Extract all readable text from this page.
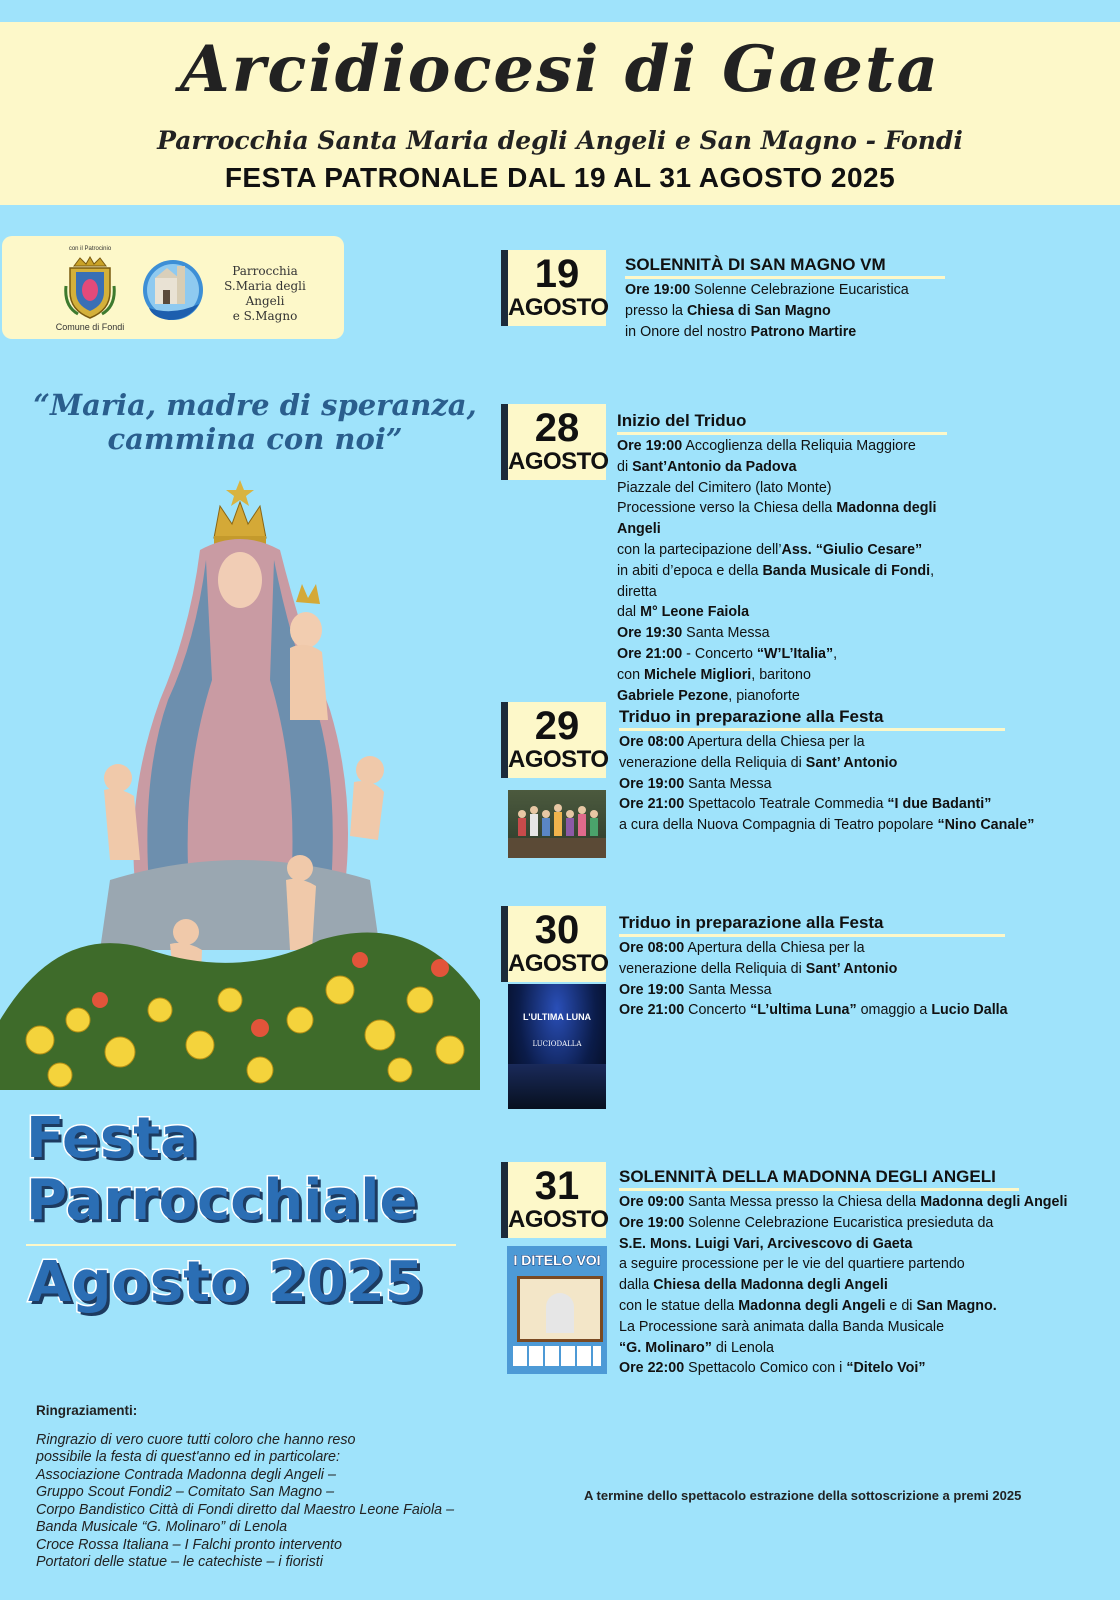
Arcidiocesi di Gaeta
Parrocchia Santa Maria degli Angeli e San Magno - Fondi
FESTA PATRONALE DAL 19 AL 31 AGOSTO 2025
con il Patrocinio
Comune di Fondi
Parrocchia
S.Maria degli Angeli
e S.Magno
“Maria, madre di speranza,
cammina con noi”
Festa
Parrocchiale
Agosto 2025
19
AGOSTO
28
AGOSTO
29
AGOSTO
30
AGOSTO
31
AGOSTO
SOLENNITÀ DI SAN MAGNO VM
Ore 19:00 Solenne Celebrazione Eucaristica
presso la Chiesa di San Magno
in Onore del nostro Patrono Martire
Inizio del Triduo
Ore 19:00 Accoglienza della Reliquia Maggiore
di Sant’Antonio da Padova
Piazzale del Cimitero (lato Monte)
Processione verso la Chiesa della Madonna degli Angeli
con la partecipazione dell’Ass. “Giulio Cesare”
in abiti d’epoca e della Banda Musicale di Fondi, diretta
dal M° Leone Faiola
Ore 19:30 Santa Messa
Ore 21:00 - Concerto “W’L’Italia”,
con Michele Migliori, baritono
Gabriele Pezone, pianoforte
Triduo in preparazione alla Festa
Ore 08:00 Apertura della Chiesa per la
venerazione della Reliquia di Sant’ Antonio
Ore 19:00 Santa Messa
Ore 21:00 Spettacolo Teatrale Commedia “I due Badanti”
a cura della Nuova Compagnia di Teatro popolare “Nino Canale”
Triduo in preparazione alla Festa
Ore 08:00 Apertura della Chiesa per la
venerazione della Reliquia di Sant’ Antonio
Ore 19:00 Santa Messa
Ore 21:00 Concerto “L’ultima Luna” omaggio a Lucio Dalla
SOLENNITÀ DELLA MADONNA DEGLI ANGELI
Ore 09:00 Santa Messa presso la Chiesa della Madonna degli Angeli
Ore 19:00 Solenne Celebrazione Eucaristica presieduta da
S.E. Mons. Luigi Vari, Arcivescovo di Gaeta
a seguire processione per le vie del quartiere partendo
dalla Chiesa della Madonna degli Angeli
con le statue della Madonna degli Angeli e di San Magno.
La Processione sarà animata dalla Banda Musicale
“G. Molinaro” di Lenola
Ore 22:00 Spettacolo Comico con i “Ditelo Voi”
L'ULTIMA LUNA
LUCIODALLA
I DITELO VOI
Ringraziamenti:
Ringrazio di vero cuore tutti coloro che hanno reso
possibile la festa di quest'anno ed in particolare:
Associazione Contrada Madonna degli Angeli –
Gruppo Scout Fondi2 – Comitato San Magno –
Corpo Bandistico Città di Fondi diretto dal Maestro Leone Faiola –
Banda Musicale “G. Molinaro” di Lenola
Croce Rossa Italiana – I Falchi pronto intervento
Portatori delle statue – le catechiste – i fioristi
A termine dello spettacolo estrazione della sottoscrizione a premi 2025
